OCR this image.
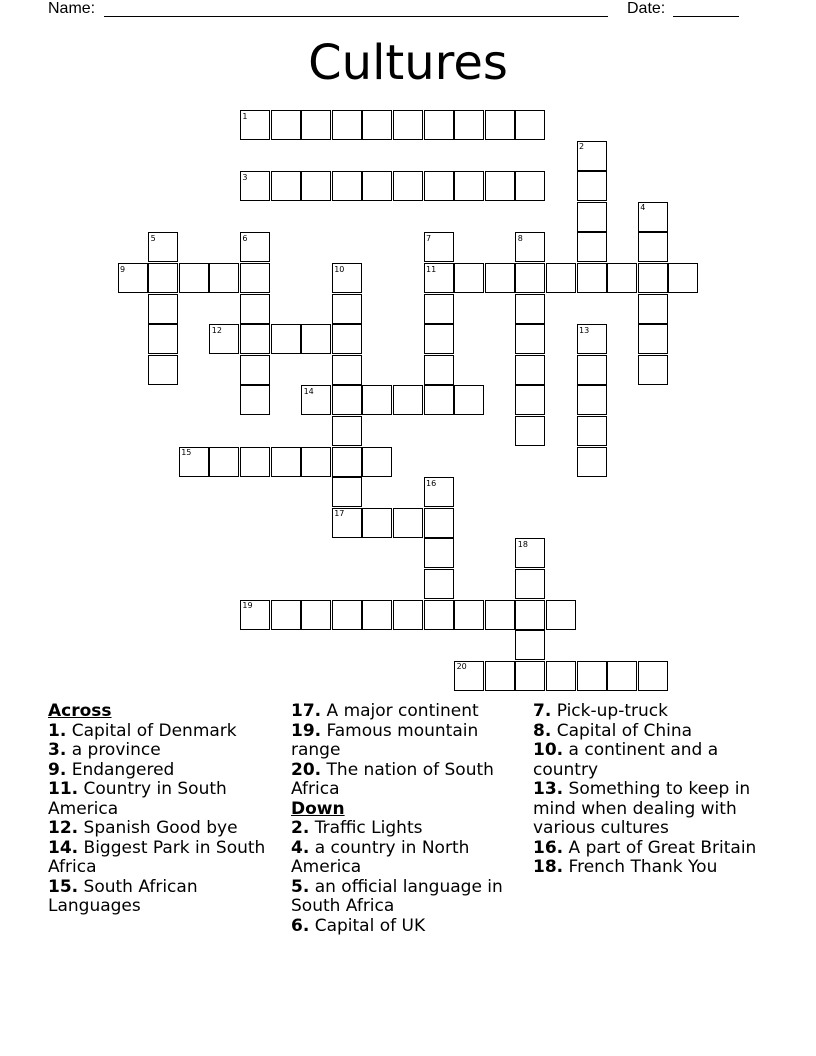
Name:	Date:
Cultures
1
2
3
4
5	6	7	8
9	10	11
12	13
14
15
16
17
18
19
20
Across
1. Capital of Denmark
3. a province
9. Endangered
11. Country in South America
12. Spanish Good bye
14. Biggest Park in South Africa
15. South African Languages
17. A major continent
19. Famous mountain range
20. The nation of South Africa
Down
2. Traffic Lights
4. a country in North America
5. an official language in South Africa
6. Capital of UK
7. Pick-up-truck
8. Capital of China
10. a continent and a country
13. Something to keep in mind when dealing with various cultures
16. A part of Great Britain
18. French Thank You
